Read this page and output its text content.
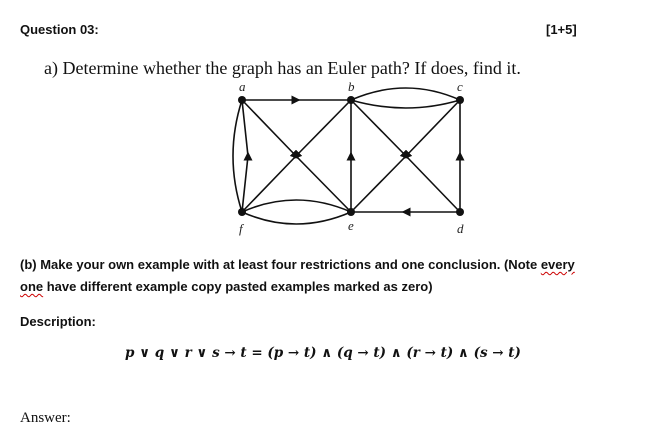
Question 03:	[1+5]
a) Determine whether the graph has an Euler path? If does, find it.
a	b	c
d
e
f
(b) Make your own example with at least four restrictions and one conclusion. (Note every
one have different example copy pasted examples marked as zero)
Description:
p ∨ q ∨ r ∨ s → t = (p → t) ∧ (q → t) ∧ (r → t) ∧ (s → t)
Answer:
